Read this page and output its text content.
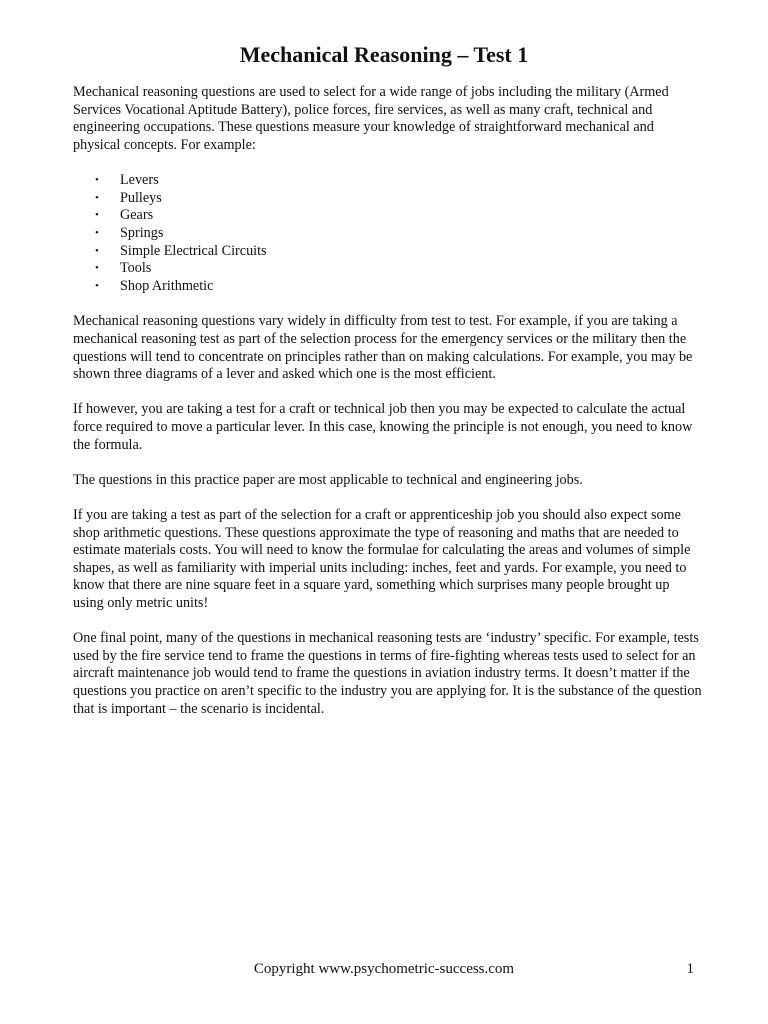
Mechanical Reasoning – Test 1

Mechanical reasoning questions are used to select for a wide range of jobs including the military (Armed Services Vocational Aptitude Battery), police forces, fire services, as well as many craft, technical and engineering occupations. These questions measure your knowledge of straightforward mechanical and physical concepts. For example:

• Levers
• Pulleys
• Gears
• Springs
• Simple Electrical Circuits
• Tools
• Shop Arithmetic

Mechanical reasoning questions vary widely in difficulty from test to test. For example, if you are taking a mechanical reasoning test as part of the selection process for the emergency services or the military then the questions will tend to concentrate on principles rather than on making calculations. For example, you may be shown three diagrams of a lever and asked which one is the most efficient.

If however, you are taking a test for a craft or technical job then you may be expected to calculate the actual force required to move a particular lever. In this case, knowing the principle is not enough, you need to know the formula.

The questions in this practice paper are most applicable to technical and engineering jobs.

If you are taking a test as part of the selection for a craft or apprenticeship job you should also expect some shop arithmetic questions. These questions approximate the type of reasoning and maths that are needed to estimate materials costs. You will need to know the formulae for calculating the areas and volumes of simple shapes, as well as familiarity with imperial units including: inches, feet and yards. For example, you need to know that there are nine square feet in a square yard, something which surprises many people brought up using only metric units!

One final point, many of the questions in mechanical reasoning tests are ‘industry’ specific. For example, tests used by the fire service tend to frame the questions in terms of fire-fighting whereas tests used to select for an aircraft maintenance job would tend to frame the questions in aviation industry terms. It doesn’t matter if the questions you practice on aren’t specific to the industry you are applying for. It is the substance of the question that is important – the scenario is incidental.

Copyright www.psychometric-success.com	1
